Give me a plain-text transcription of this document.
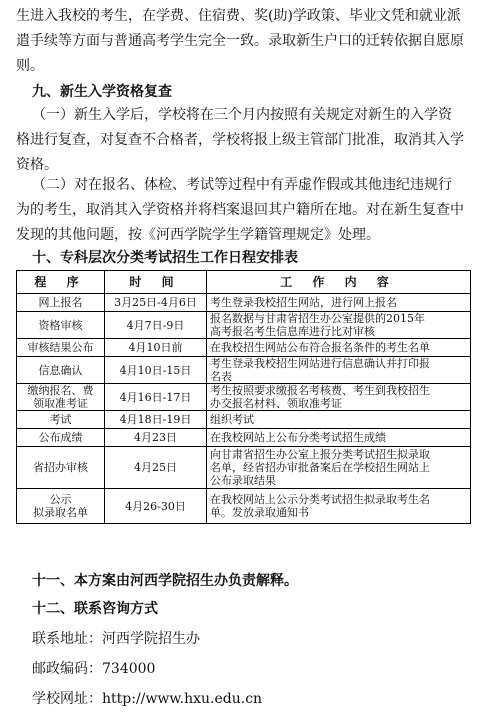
生进入我校的考生，在学费、住宿费、奖(助)学政策、毕业文凭和就业派
遣手续等方面与普通高考学生完全一致。录取新生户口的迁转依据自愿原
则。
九、新生入学资格复查
（一）新生入学后，学校将在三个月内按照有关规定对新生的入学资
格进行复查，对复查不合格者，学校将报上级主管部门批准，取消其入学
资格。
（二）对在报名、体检、考试等过程中有弄虚作假或其他违纪违规行
为的考生，取消其入学资格并将档案退回其户籍所在地。对在新生复查中
发现的其他问题，按《河西学院学生学籍管理规定》处理。
十、专科层次分类考试招生工作日程安排表
程 序	时 间	工 作 内 容

网上报名	3月25日-4月6日	考生登录我校招生网站，进行网上报名

资格审核	4月7日-9日	报名数据与甘肃省招生办公室提供的2015年
高考报名考生信息库进行比对审核

审核结果公布	4月10日前	在我校招生网站公布符合报名条件的考生名单

信息确认	4月10日-15日	考生登录我校招生网站进行信息确认并打印报
名表

缴纳报名、费
领取准考证	4月16日-17日	考生按照要求缴报名考核费、考生到我校招生
办交报名材料、领取准考证

考试	4月18日-19日	组织考试

公布成绩	4月23日	在我校网站上公布分类考试招生成绩

省招办审核	4月25日	向甘肃省招生办公室上报分类考试招生拟录取
名单，经省招办审批备案后在学校招生网站上
公布录取结果

公示
拟录取名单	4月26-30日	在我校网站上公示分类考试招生拟录取考生名
单。发放录取通知书
十一、本方案由河西学院招生办负责解释。
十二、联系咨询方式
联系地址：河西学院招生办
邮政编码：734000
学校网址：http://www.hxu.edu.cn
